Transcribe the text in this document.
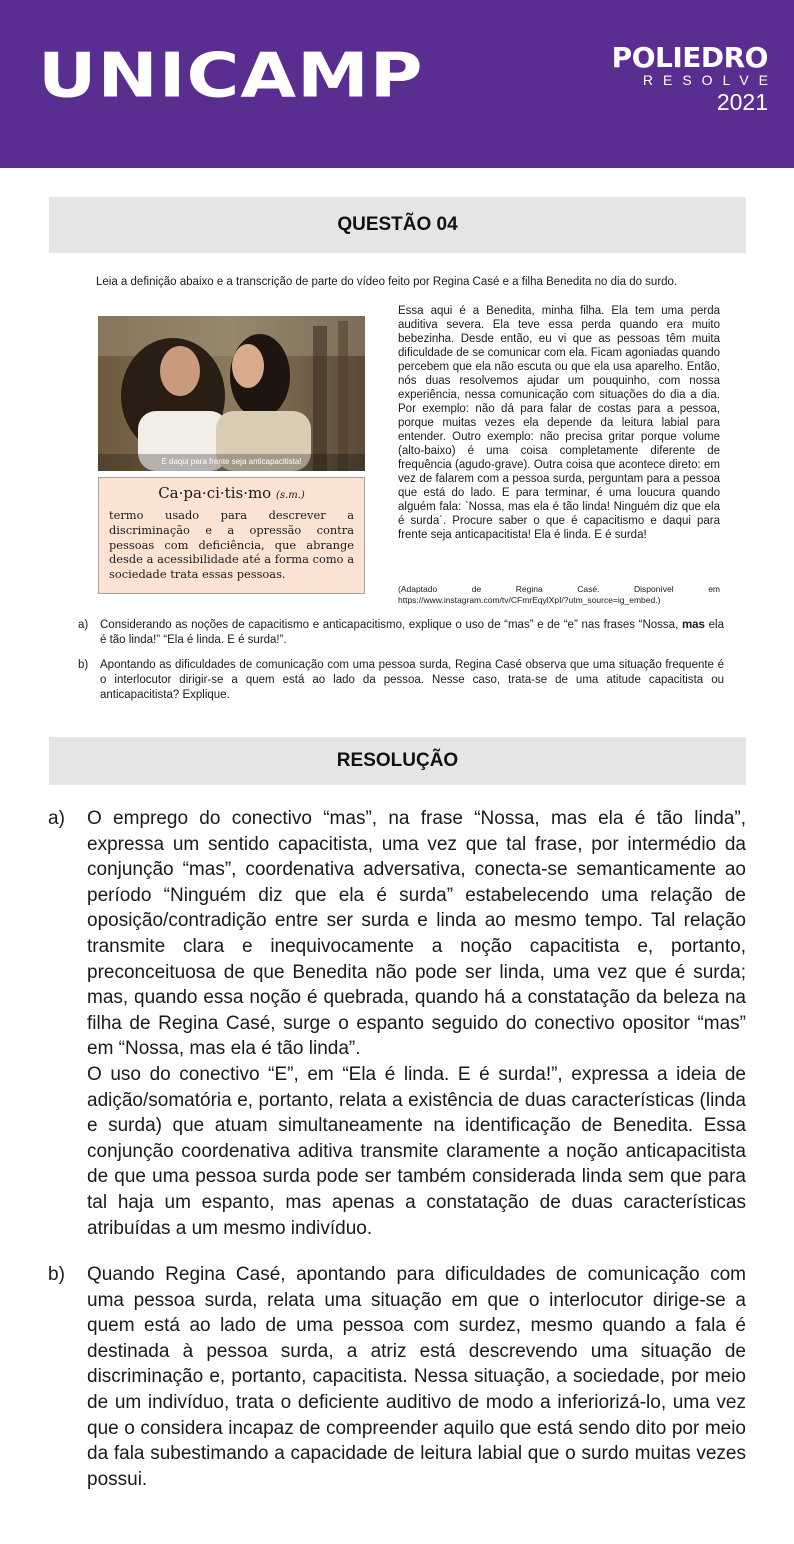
UNICAMP	POLIEDRO
RESOLVE
2021
QUESTÃO 04

Leia a definição abaixo e a transcrição de parte do vídeo feito por Regina Casé e a filha Benedita no dia do surdo.

E daqui para frente seja anticapacitista!

Ca·pa·ci·tis·mo (s.m.)

termo usado para descrever a discriminação e a opressão contra pessoas com deficiência, que abrange desde a acessibilidade até a forma como a sociedade trata essas pessoas.

Essa aqui é a Benedita, minha filha. Ela tem uma perda auditiva severa. Ela teve essa perda quando era muito bebezinha. Desde então, eu vi que as pessoas têm muita dificuldade de se comunicar com ela. Ficam agoniadas quando percebem que ela não escuta ou que ela usa aparelho. Então, nós duas resolvemos ajudar um pouquinho, com nossa experiência, nessa comunicação com situações do dia a dia. Por exemplo: não dá para falar de costas para a pessoa, porque muitas vezes ela depende da leitura labial para entender. Outro exemplo: não precisa gritar porque volume (alto-baixo) é uma coisa completamente diferente de frequência (agudo-grave). Outra coisa que acontece direto: em vez de falarem com a pessoa surda, perguntam para a pessoa que está do lado. E para terminar, é uma loucura quando alguém fala: `Nossa, mas ela é tão linda! Ninguém diz que ela é surda´. Procure saber o que é capacitismo e daqui para frente seja anticapacitista! Ela é linda. E é surda!

(Adaptado de Regina Casé. Disponível em https://www.instagram.com/tv/CFmrEqylXpI/?utm_source=ig_embed.)

a)	Considerando as noções de capacitismo e anticapacitismo, explique o uso de “mas” e de “e” nas frases “Nossa, mas ela é tão linda!” “Ela é linda. E é surda!”.
b)	Apontando as dificuldades de comunicação com uma pessoa surda, Regina Casé observa que uma situação frequente é o interlocutor dirigir-se a quem está ao lado da pessoa. Nesse caso, trata-se de uma atitude capacitista ou anticapacitista? Explique.
RESOLUÇÃO
a)	O emprego do conectivo “mas”, na frase “Nossa, mas ela é tão linda”, expressa um sentido capacitista, uma vez que tal frase, por intermédio da conjunção “mas”, coordenativa adversativa, conecta-se semanticamente ao período “Ninguém diz que ela é surda” estabelecendo uma relação de oposição/contradição entre ser surda e linda ao mesmo tempo. Tal relação transmite clara e inequivocamente a noção capacitista e, portanto, preconceituosa de que Benedita não pode ser linda, uma vez que é surda; mas, quando essa noção é quebrada, quando há a constatação da beleza na filha de Regina Casé, surge o espanto seguido do conectivo opositor “mas” em “Nossa, mas ela é tão linda”.

O uso do conectivo “E”, em “Ela é linda. E é surda!”, expressa a ideia de adição/somatória e, portanto, relata a existência de duas características (linda e surda) que atuam simultaneamente na identificação de Benedita. Essa conjunção coordenativa aditiva transmite claramente a noção anticapacitista de que uma pessoa surda pode ser também considerada linda sem que para tal haja um espanto, mas apenas a constatação de duas características atribuídas a um mesmo indivíduo.

b)	Quando Regina Casé, apontando para dificuldades de comunicação com uma pessoa surda, relata uma situação em que o interlocutor dirige-se a quem está ao lado de uma pessoa com surdez, mesmo quando a fala é destinada à pessoa surda, a atriz está descrevendo uma situação de discriminação e, portanto, capacitista. Nessa situação, a sociedade, por meio de um indivíduo, trata o deficiente auditivo de modo a inferiorizá-lo, uma vez que o considera incapaz de compreender aquilo que está sendo dito por meio da fala subestimando a capacidade de leitura labial que o surdo muitas vezes possui.
